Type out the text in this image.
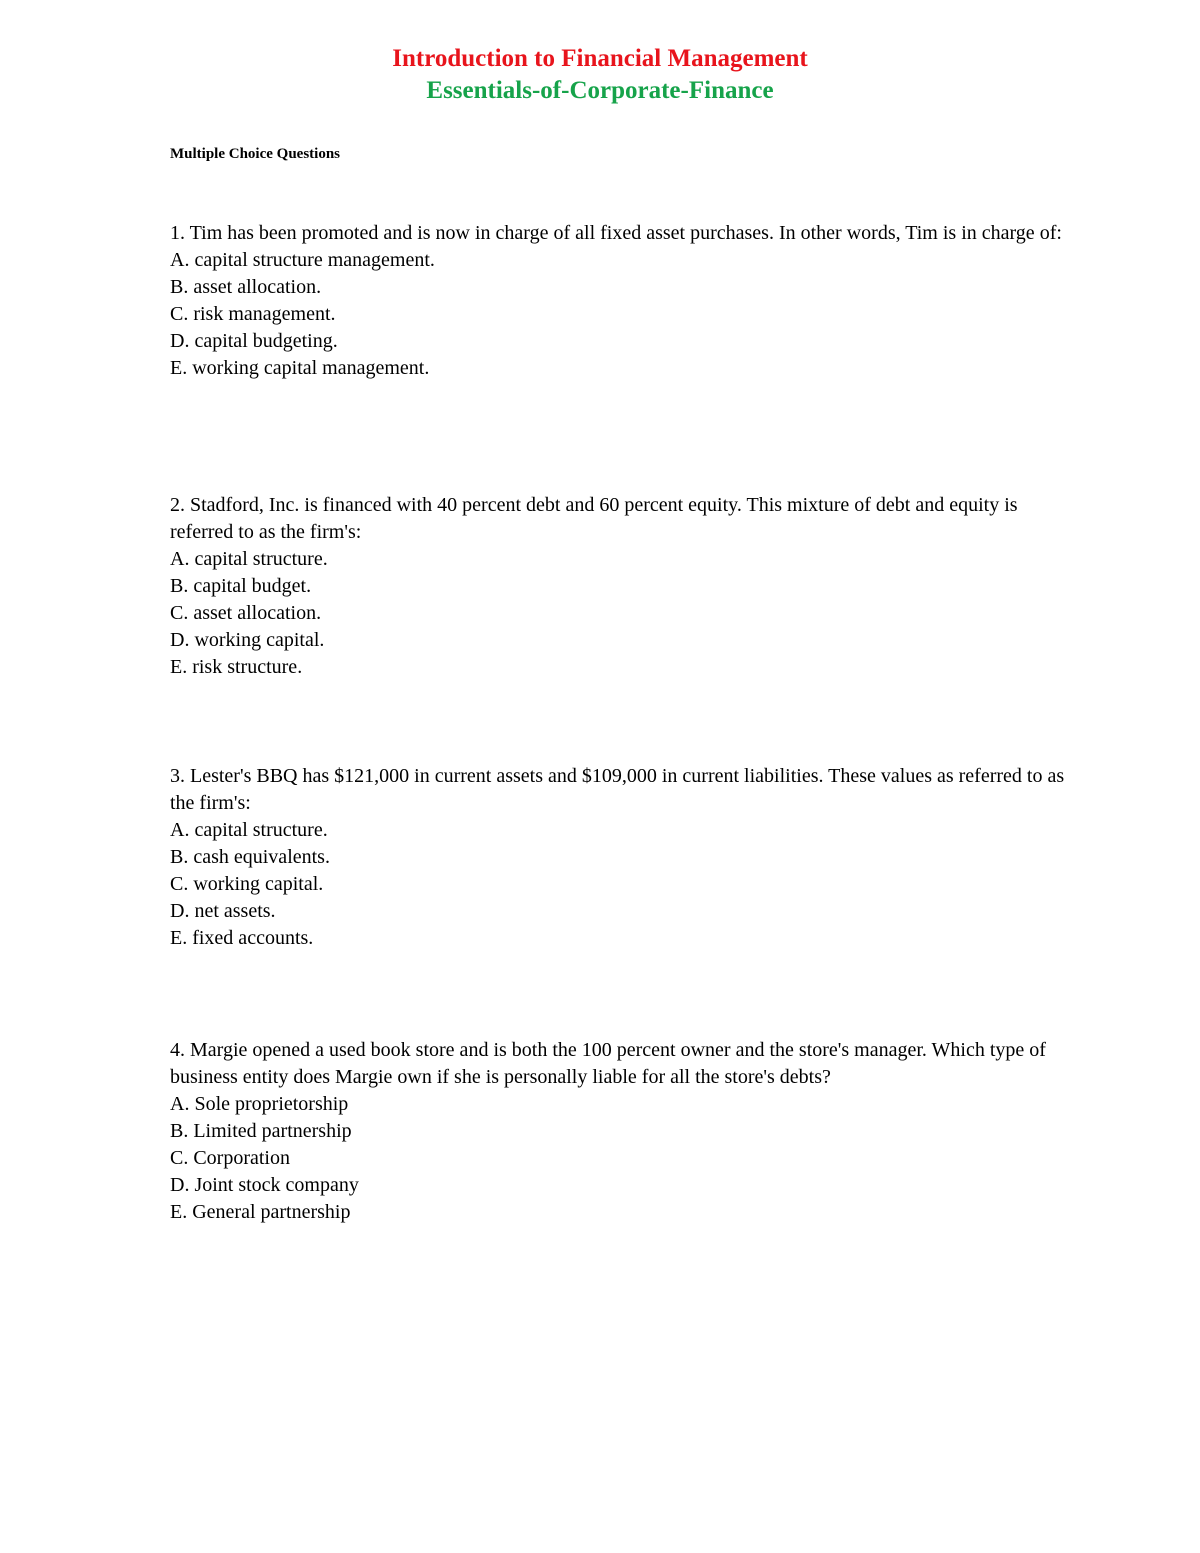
Introduction to Financial Management
Essentials-of-Corporate-Finance
Multiple Choice Questions

1. Tim has been promoted and is now in charge of all fixed asset purchases. In other words, Tim is in charge of:

A. capital structure management.
B. asset allocation.
C. risk management.
D. capital budgeting.
E. working capital management.

2. Stadford, Inc. is financed with 40 percent debt and 60 percent equity. This mixture of debt and equity is referred to as the firm's:

A. capital structure.
B. capital budget.
C. asset allocation.
D. working capital.
E. risk structure.

3. Lester's BBQ has $121,000 in current assets and $109,000 in current liabilities. These values as referred to as the firm's:

A. capital structure.
B. cash equivalents.
C. working capital.
D. net assets.
E. fixed accounts.

4. Margie opened a used book store and is both the 100 percent owner and the store's manager. Which type of business entity does Margie own if she is personally liable for all the store's debts?

A. Sole proprietorship
B. Limited partnership
C. Corporation
D. Joint stock company
E. General partnership
